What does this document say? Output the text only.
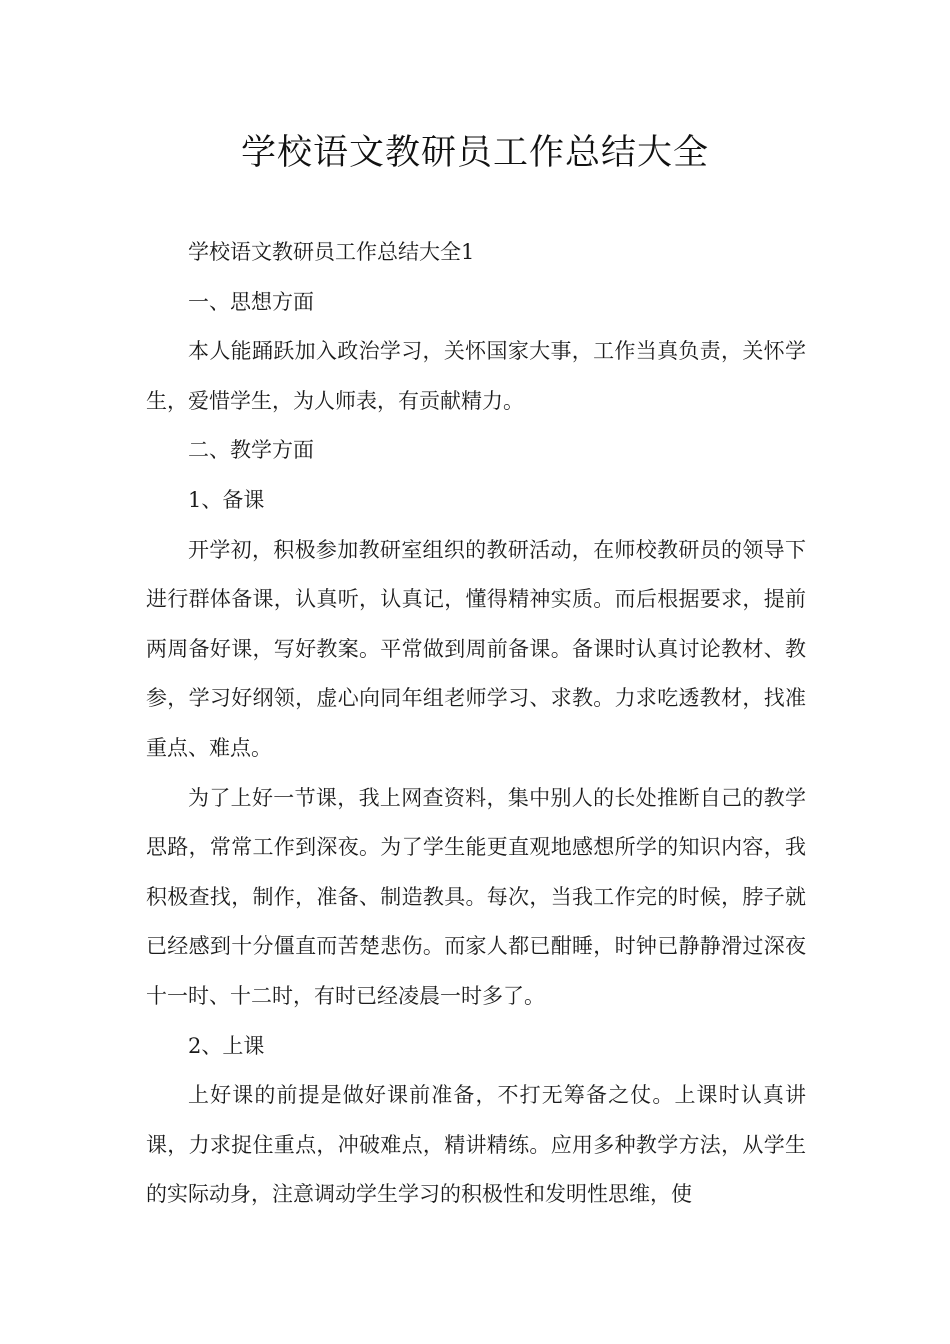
学校语文教研员工作总结大全

学校语文教研员工作总结大全1

一、思想方面

本人能踊跃加入政治学习，关怀国家大事，工作当真负责，关怀学生，爱惜学生，为人师表，有贡献精力。

二、教学方面

1、备课

开学初，积极参加教研室组织的教研活动，在师校教研员的领导下进行群体备课，认真听，认真记，懂得精神实质。而后根据要求，提前两周备好课，写好教案。平常做到周前备课。备课时认真讨论教材、教参，学习好纲领，虚心向同年组老师学习、求教。力求吃透教材，找准重点、难点。

为了上好一节课，我上网查资料，集中别人的长处推断自己的教学思路，常常工作到深夜。为了学生能更直观地感想所学的知识内容，我积极查找，制作，准备、制造教具。每次，当我工作完的时候，脖子就已经感到十分僵直而苦楚悲伤。而家人都已酣睡，时钟已静静滑过深夜十一时、十二时，有时已经凌晨一时多了。

2、上课

上好课的前提是做好课前准备，不打无筹备之仗。上课时认真讲课，力求捉住重点，冲破难点，精讲精练。应用多种教学方法，从学生的实际动身，注意调动学生学习的积极性和发明性思维，使
